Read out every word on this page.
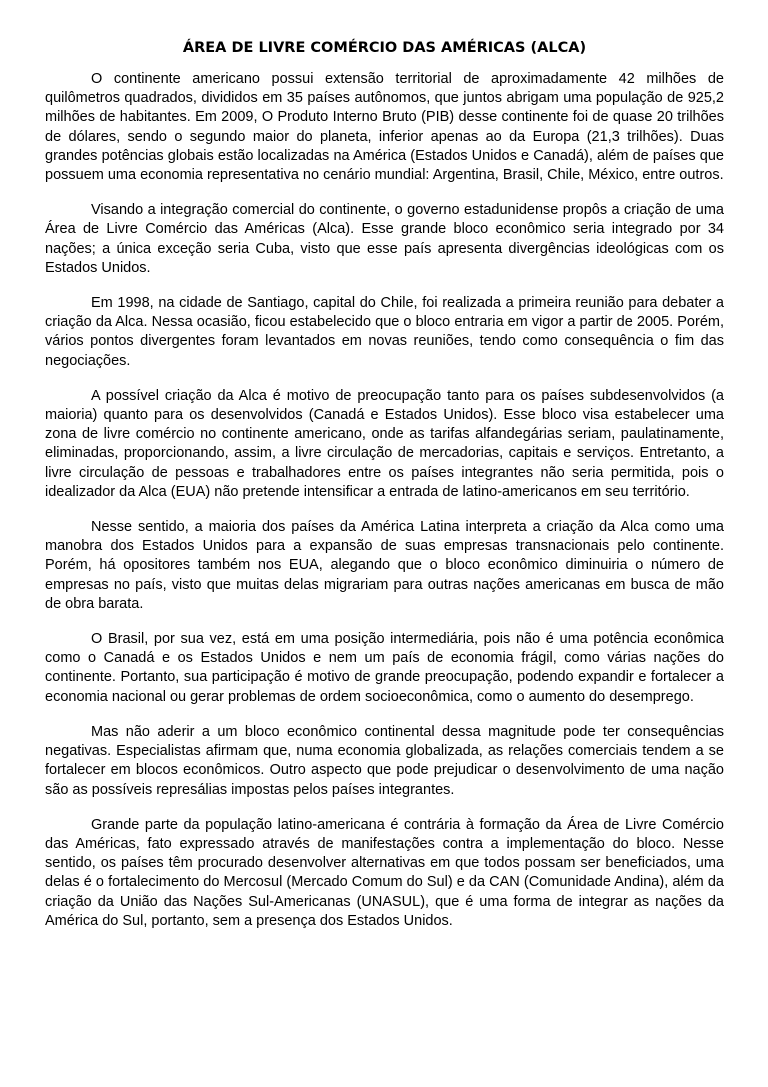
ÁREA DE LIVRE COMÉRCIO DAS AMÉRICAS (ALCA)

O continente americano possui extensão territorial de aproximadamente 42 milhões de quilômetros quadrados, divididos em 35 países autônomos, que juntos abrigam uma população de 925,2 milhões de habitantes. Em 2009, O Produto Interno Bruto (PIB) desse continente foi de quase 20 trilhões de dólares, sendo o segundo maior do planeta, inferior apenas ao da Europa (21,3 trilhões). Duas grandes potências globais estão localizadas na América (Estados Unidos e Canadá), além de países que possuem uma economia representativa no cenário mundial: Argentina, Brasil, Chile, México, entre outros.

Visando a integração comercial do continente, o governo estadunidense propôs a criação de uma Área de Livre Comércio das Américas (Alca). Esse grande bloco econômico seria integrado por 34 nações; a única exceção seria Cuba, visto que esse país apresenta divergências ideológicas com os Estados Unidos.

Em 1998, na cidade de Santiago, capital do Chile, foi realizada a primeira reunião para debater a criação da Alca. Nessa ocasião, ficou estabelecido que o bloco entraria em vigor a partir de 2005. Porém, vários pontos divergentes foram levantados em novas reuniões, tendo como consequência o fim das negociações.

A possível criação da Alca é motivo de preocupação tanto para os países subdesenvolvidos (a maioria) quanto para os desenvolvidos (Canadá e Estados Unidos). Esse bloco visa estabelecer uma zona de livre comércio no continente americano, onde as tarifas alfandegárias seriam, paulatinamente, eliminadas, proporcionando, assim, a livre circulação de mercadorias, capitais e serviços. Entretanto, a livre circulação de pessoas e trabalhadores entre os países integrantes não seria permitida, pois o idealizador da Alca (EUA) não pretende intensificar a entrada de latino-americanos em seu território.

Nesse sentido, a maioria dos países da América Latina interpreta a criação da Alca como uma manobra dos Estados Unidos para a expansão de suas empresas transnacionais pelo continente. Porém, há opositores também nos EUA, alegando que o bloco econômico diminuiria o número de empresas no país, visto que muitas delas migrariam para outras nações americanas em busca de mão de obra barata.

O Brasil, por sua vez, está em uma posição intermediária, pois não é uma potência econômica como o Canadá e os Estados Unidos e nem um país de economia frágil, como várias nações do continente. Portanto, sua participação é motivo de grande preocupação, podendo expandir e fortalecer a economia nacional ou gerar problemas de ordem socioeconômica, como o aumento do desemprego.

Mas não aderir a um bloco econômico continental dessa magnitude pode ter consequências negativas. Especialistas afirmam que, numa economia globalizada, as relações comerciais tendem a se fortalecer em blocos econômicos. Outro aspecto que pode prejudicar o desenvolvimento de uma nação são as possíveis represálias impostas pelos países integrantes.

Grande parte da população latino-americana é contrária à formação da Área de Livre Comércio das Américas, fato expressado através de manifestações contra a implementação do bloco. Nesse sentido, os países têm procurado desenvolver alternativas em que todos possam ser beneficiados, uma delas é o fortalecimento do Mercosul (Mercado Comum do Sul) e da CAN (Comunidade Andina), além da criação da União das Nações Sul-Americanas (UNASUL), que é uma forma de integrar as nações da América do Sul, portanto, sem a presença dos Estados Unidos.
